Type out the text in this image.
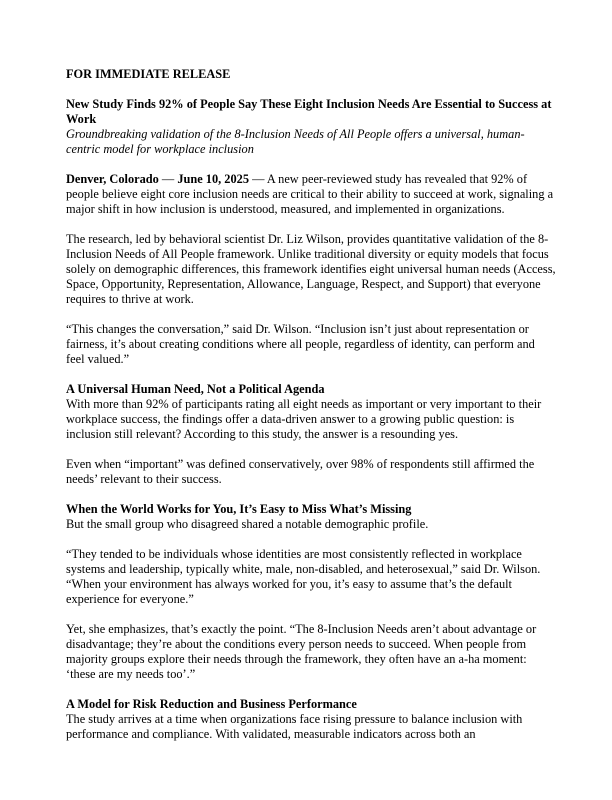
FOR IMMEDIATE RELEASE
New Study Finds 92% of People Say These Eight Inclusion Needs Are Essential to Success at Work
Groundbreaking validation of the 8-Inclusion Needs of All People offers a universal, human-centric model for workplace inclusion

Denver, Colorado — June 10, 2025 — A new peer-reviewed study has revealed that 92% of people believe eight core inclusion needs are critical to their ability to succeed at work, signaling a major shift in how inclusion is understood, measured, and implemented in organizations.

The research, led by behavioral scientist Dr. Liz Wilson, provides quantitative validation of the 8-Inclusion Needs of All People framework. Unlike traditional diversity or equity models that focus solely on demographic differences, this framework identifies eight universal human needs (Access, Space, Opportunity, Representation, Allowance, Language, Respect, and Support) that everyone requires to thrive at work.

“This changes the conversation,” said Dr. Wilson. “Inclusion isn’t just about representation or fairness, it’s about creating conditions where all people, regardless of identity, can perform and feel valued.”

A Universal Human Need, Not a Political Agenda

With more than 92% of participants rating all eight needs as important or very important to their workplace success, the findings offer a data-driven answer to a growing public question: is inclusion still relevant? According to this study, the answer is a resounding yes.

Even when “important” was defined conservatively, over 98% of respondents still affirmed the needs’ relevant to their success.

When the World Works for You, It’s Easy to Miss What’s Missing

But the small group who disagreed shared a notable demographic profile.

“They tended to be individuals whose identities are most consistently reflected in workplace systems and leadership, typically white, male, non-disabled, and heterosexual,” said Dr. Wilson. “When your environment has always worked for you, it’s easy to assume that’s the default experience for everyone.”

Yet, she emphasizes, that’s exactly the point. “The 8-Inclusion Needs aren’t about advantage or disadvantage; they’re about the conditions every person needs to succeed. When people from majority groups explore their needs through the framework, they often have an a-ha moment: ‘these are my needs too’.”

A Model for Risk Reduction and Business Performance

The study arrives at a time when organizations face rising pressure to balance inclusion with performance and compliance. With validated, measurable indicators across both an
